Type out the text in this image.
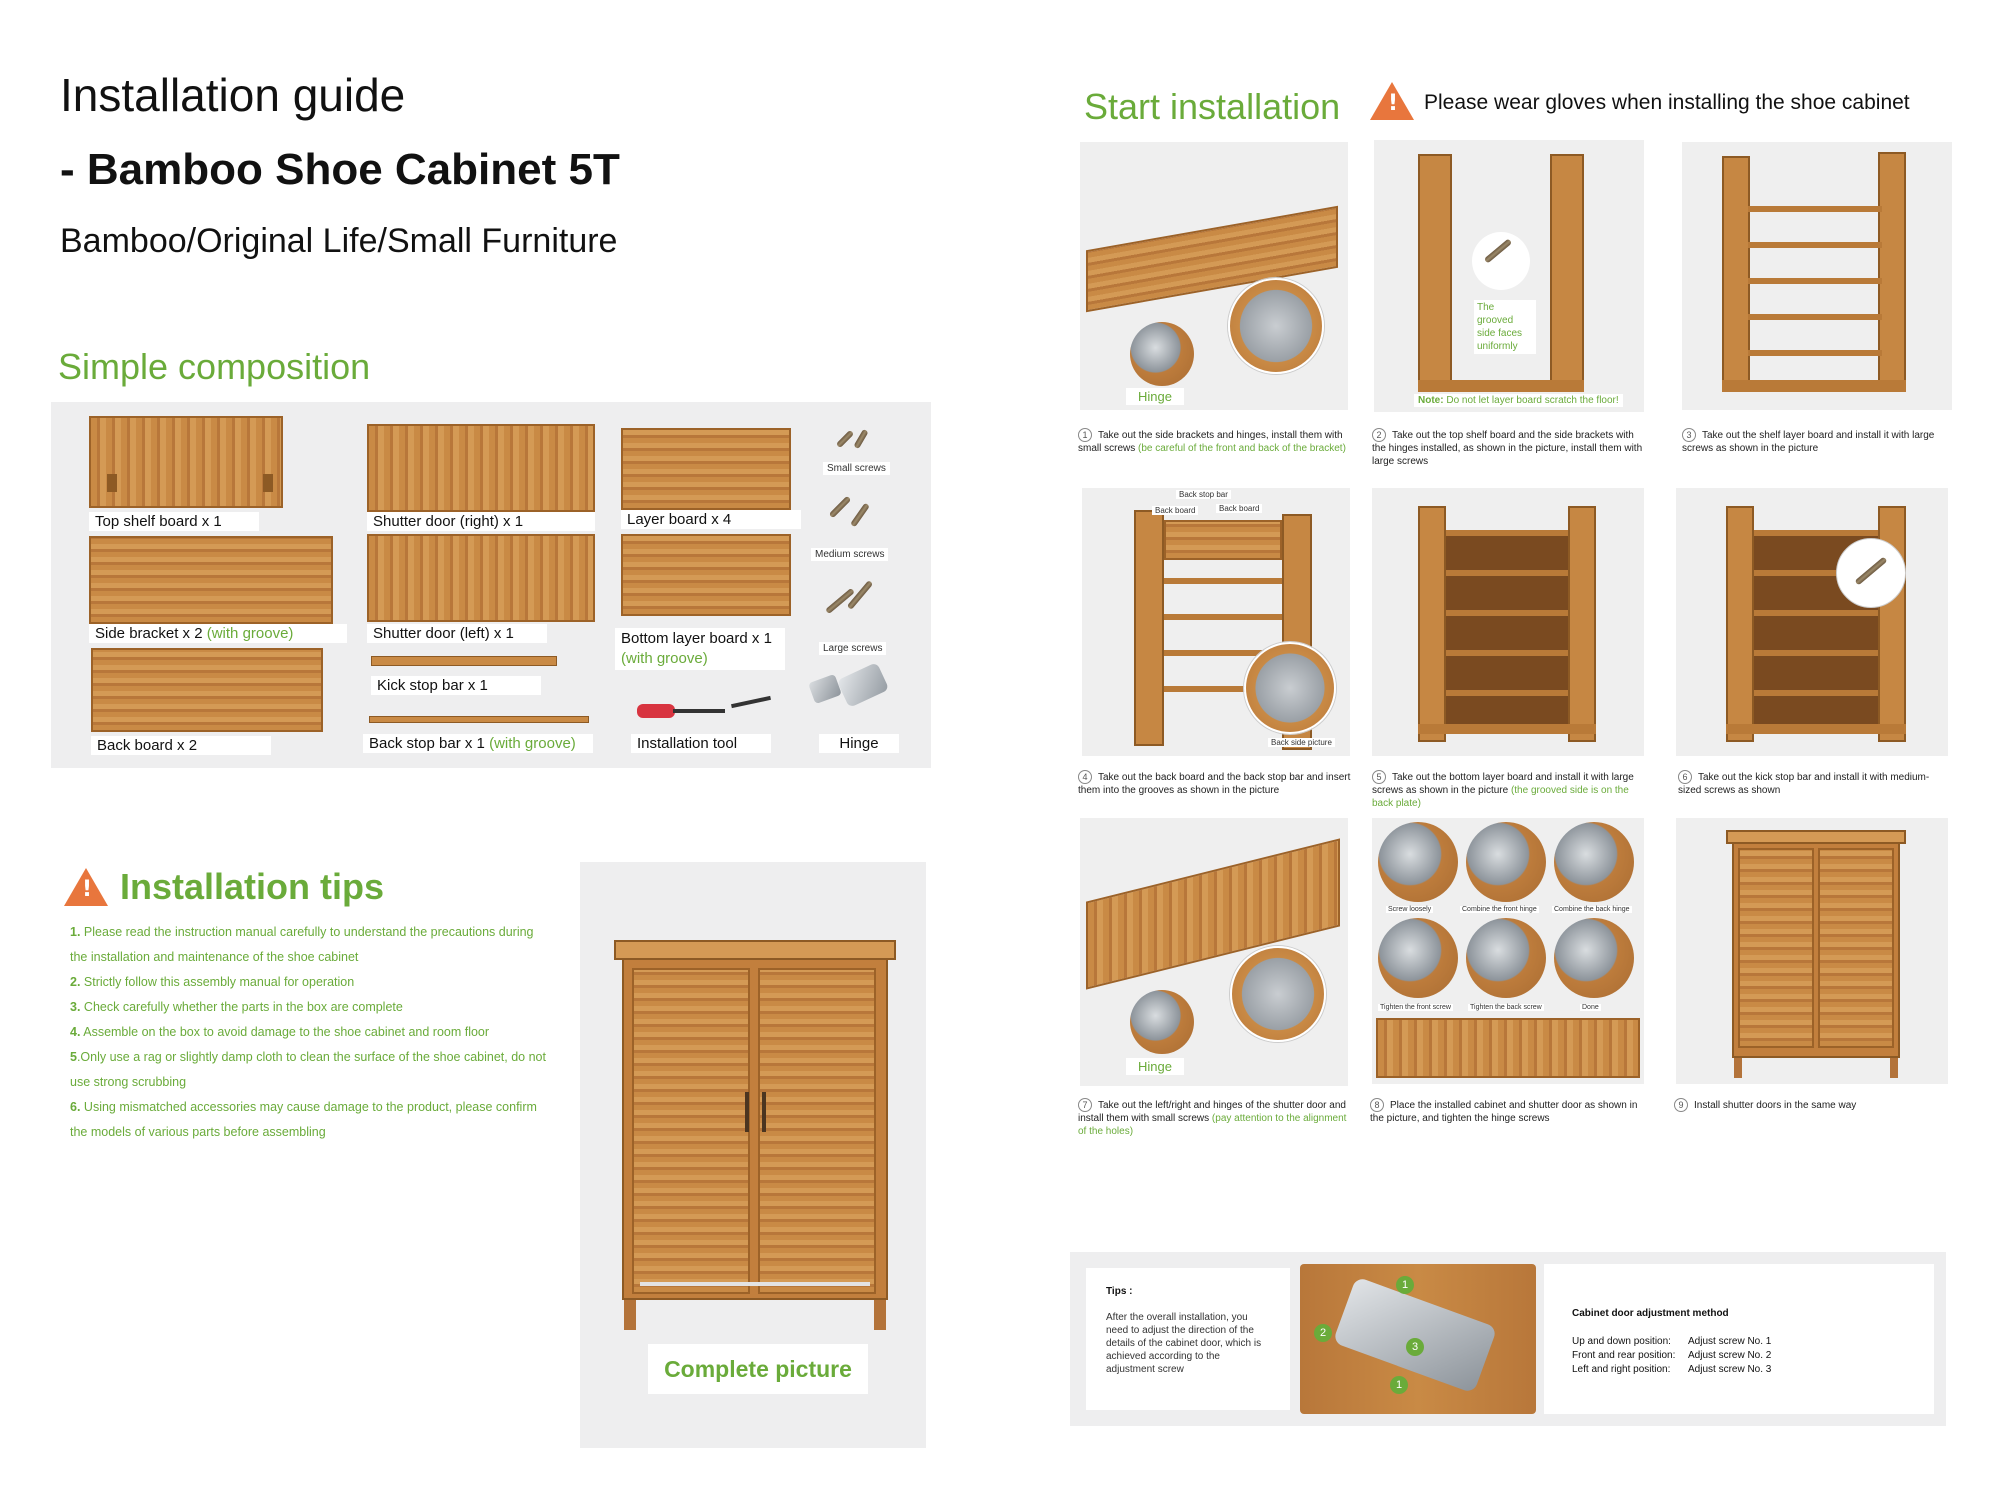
Installation guide
- Bamboo Shoe Cabinet 5T
Bamboo/Original Life/Small Furniture
Simple composition
Top shelf board x 1	Shutter door (right) x 1	Layer board x 4
Small screws
Side bracket x 2 (with groove)	Shutter door (left) x 1	Bottom layer board x 1
(with groove)
Medium screws
Large screws
Kick stop bar x 1
Back board x 2	Back stop bar x 1 (with groove)	Installation tool	Hinge
! Installation tips
1. Please read the instruction manual carefully to understand the precautions during the installation and maintenance of the shoe cabinet
2. Strictly follow this assembly manual for operation
3. Check carefully whether the parts in the box are complete
4. Assemble on the box to avoid damage to the shoe cabinet and room floor
5.Only use a rag or slightly damp cloth to clean the surface of the shoe cabinet, do not use strong scrubbing
6. Using mismatched accessories may cause damage to the product, please confirm the models of various parts before assembling
Complete picture
Start installation ! Please wear gloves when installing the shoe cabinet
Hinge
The grooved side faces uniformly
Note: Do not let layer board scratch the floor!
1 Take out the side brackets and hinges, install them with small screws (be careful of the front and back of the bracket)
2 Take out the top shelf board and the side brackets with the hinges installed, as shown in the picture, install them with large screws
3 Take out the shelf layer board and install it with large screws as shown in the picture
Back stop bar
Back board	Back board
Back side picture
4 Take out the back board and the back stop bar and insert them into the grooves as shown in the picture
5 Take out the bottom layer board and install it with large screws as shown in the picture (the grooved side is on the back plate)
6 Take out the kick stop bar and install it with medium-sized screws as shown
Hinge
Screw loosely	Combine the front hinge Combine the back hinge
Tighten the front screw	Tighten the back screw	Done
7 Take out the left/right and hinges of the shutter door and install them with small screws (pay attention to the alignment of the holes)
8 Place the installed cabinet and shutter door as shown in the picture, and tighten the hinge screws
9 Install shutter doors in the same way
Tips :
After the overall installation, you need to adjust the direction of the details of the cabinet door, which is achieved according to the adjustment screw
1
2
3
1
Cabinet door adjustment method
Up and down position: Adjust screw No. 1
Front and rear position: Adjust screw No. 2
Left and right position: Adjust screw No. 3
